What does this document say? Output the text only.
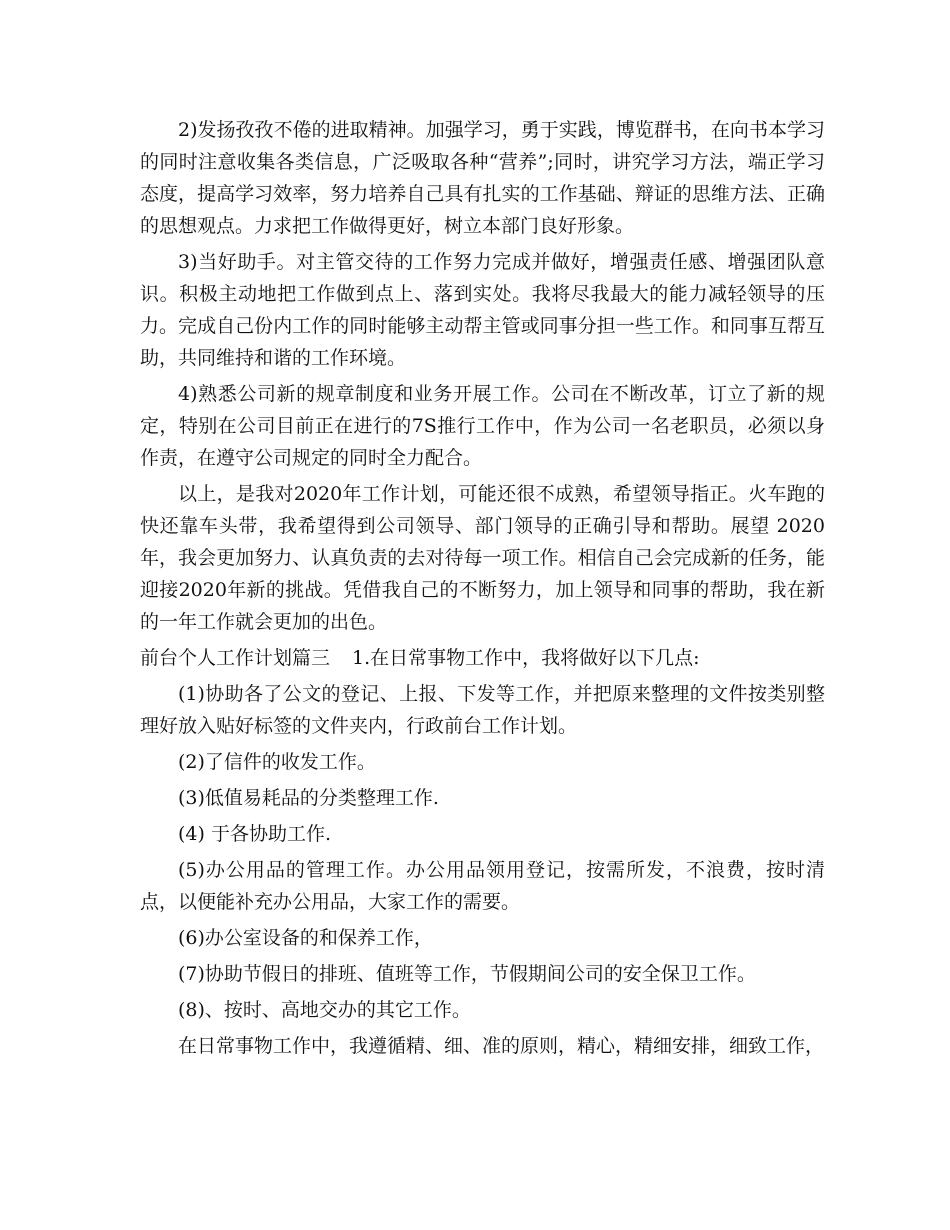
2)发扬孜孜不倦的进取精神。加强学习，勇于实践，博览群书，在向书本学习的同时注意收集各类信息，广泛吸取各种“营养”;同时，讲究学习方法，端正学习态度，提高学习效率，努力培养自己具有扎实的工作基础、辩证的思维方法、正确的思想观点。力求把工作做得更好，树立本部门良好形象。

3)当好助手。对主管交待的工作努力完成并做好，增强责任感、增强团队意识。积极主动地把工作做到点上、落到实处。我将尽我最大的能力减轻领导的压力。完成自己份内工作的同时能够主动帮主管或同事分担一些工作。和同事互帮互助，共同维持和谐的工作环境。

4)熟悉公司新的规章制度和业务开展工作。公司在不断改革，订立了新的规定，特别在公司目前正在进行的7S推行工作中，作为公司一名老职员，必须以身作责，在遵守公司规定的同时全力配合。

以上，是我对2020年工作计划，可能还很不成熟，希望领导指正。火车跑的快还靠车头带，我希望得到公司领导、部门领导的正确引导和帮助。展望 2020年，我会更加努力、认真负责的去对待每一项工作。相信自己会完成新的任务，能迎接2020年新的挑战。凭借我自己的不断努力，加上领导和同事的帮助，我在新的一年工作就会更加的出色。

前台个人工作计划篇三 1.在日常事物工作中，我将做好以下几点:

(1)协助各了公文的登记、上报、下发等工作，并把原来整理的文件按类别整理好放入贴好标签的文件夹内，行政前台工作计划。

(2)了信件的收发工作。

(3)低值易耗品的分类整理工作.

(4) 于各协助工作.

(5)办公用品的管理工作。办公用品领用登记，按需所发，不浪费，按时清点，以便能补充办公用品，大家工作的需要。

(6)办公室设备的和保养工作，

(7)协助节假日的排班、值班等工作，节假期间公司的安全保卫工作。

(8)、按时、高地交办的其它工作。

在日常事物工作中，我遵循精、细、准的原则，精心，精细安排，细致工作，
